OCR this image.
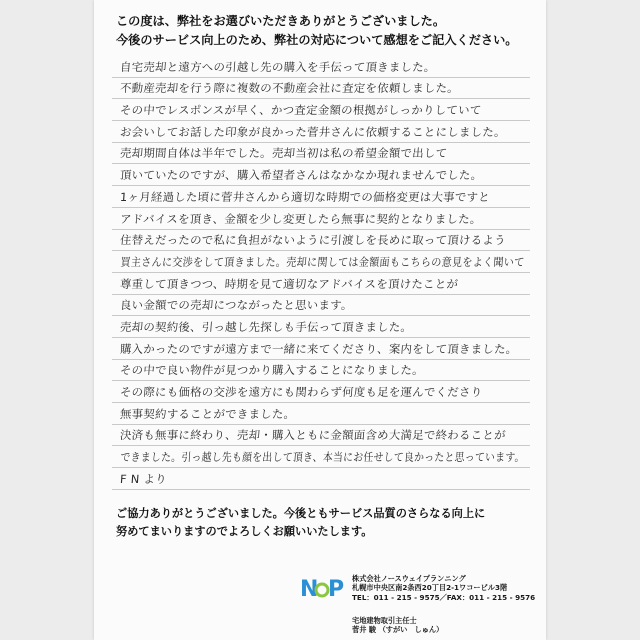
この度は、弊社をお選びいただきありがとうございました。

今後のサービス向上のため、弊社の対応について感想をご記入ください。

自宅売却と遠方への引越し先の購入を手伝って頂きました。
不動産売却を行う際に複数の不動産会社に査定を依頼しました。
その中でレスポンスが早く、かつ査定金額の根拠がしっかりしていて
お会いしてお話した印象が良かった菅井さんに依頼することにしました。
売却期間自体は半年でした。売却当初は私の希望金額で出して
頂いていたのですが、購入希望者さんはなかなか現れませんでした。
1ヶ月経過した頃に菅井さんから適切な時期での価格変更は大事ですと
アドバイスを頂き、金額を少し変更したら無事に契約となりました。
住替えだったので私に負担がないように引渡しを長めに取って頂けるよう
買主さんに交渉をして頂きました。売却に関しては金額面もこちらの意見をよく聞いて
尊重して頂きつつ、時期を見て適切なアドバイスを頂けたことが
良い金額での売却につながったと思います。
売却の契約後、引っ越し先探しも手伝って頂きました。
購入かったのですが遠方まで一緒に来てくださり、案内をして頂きました。
その中で良い物件が見つかり購入することになりました。
その際にも価格の交渉を遠方にも関わらず何度も足を運んでくださり
無事契約することができました。
決済も無事に終わり、売却・購入ともに金額面含め大満足で終わることが
できました。引っ越し先も顔を出して頂き、本当にお任せして良かったと思っています。
F N より

ご協力ありがとうございました。今後ともサービス品質のさらなる向上に

努めてまいりますのでよろしくお願いいたします。

N P 株式会社ノースウェイプランニング
札幌市中央区南2条西20丁目2-1ワコービル3階
TEL：011 - 215 - 9575／FAX：011 - 215 - 9576
宅地建物取引主任士
菅井 駿 （すがい　しゅん）
